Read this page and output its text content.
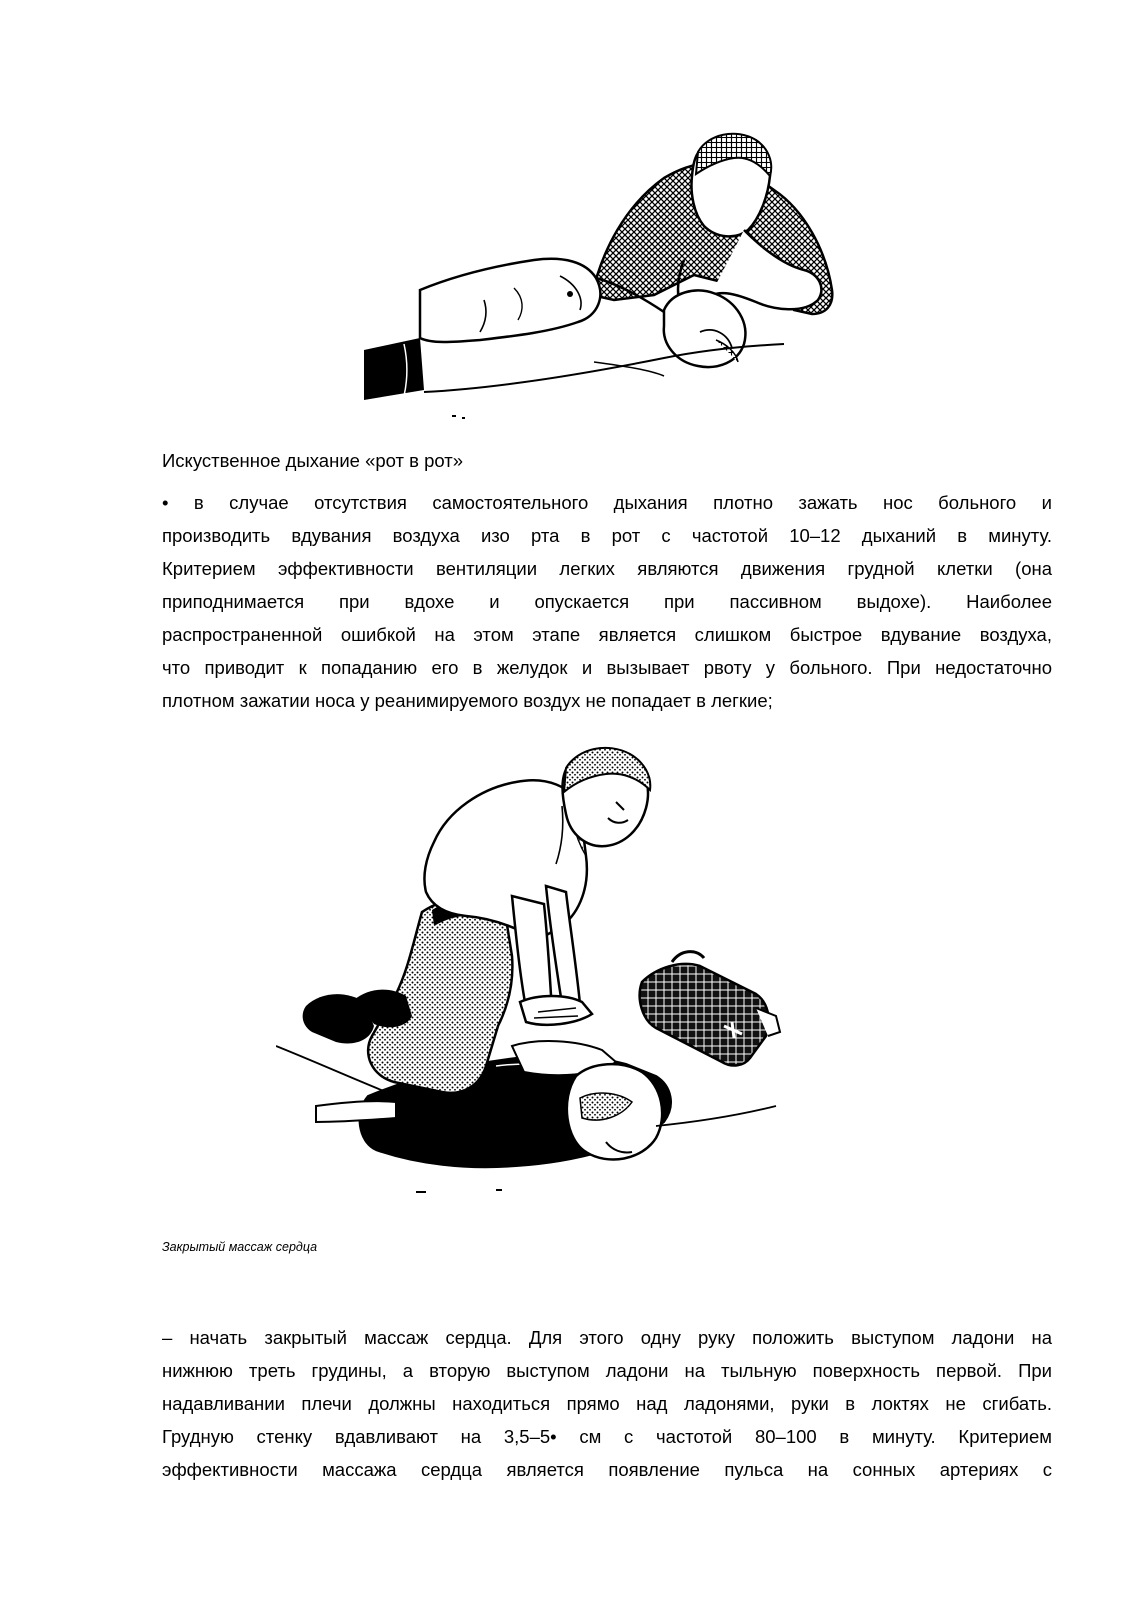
Искуственное дыхание «рот в рот»
• в случае отсутствия самостоятельного дыхания плотно зажать нос больного и
производить вдувания воздуха изо рта в рот с частотой 10–12 дыханий в минуту.
Критерием эффективности вентиляции легких являются движения грудной клетки (она
приподнимается при вдохе и опускается при пассивном выдохе). Наиболее
распространенной ошибкой на этом этапе является слишком быстрое вдувание воздуха,
что приводит к попаданию его в желудок и вызывает рвоту у больного. При недостаточно
плотном зажатии носа у реанимируемого воздух не попадает в легкие;
Закрытый массаж сердца
– начать закрытый массаж сердца. Для этого одну руку положить выступом ладони на
нижнюю треть грудины, а вторую выступом ладони на тыльную поверхность первой. При
надавливании плечи должны находиться прямо над ладонями, руки в локтях не сгибать.
Грудную стенку вдавливают на 3,5–5• см с частотой 80–100 в минуту. Критерием
эффективности массажа сердца является появление пульса на сонных артериях с
